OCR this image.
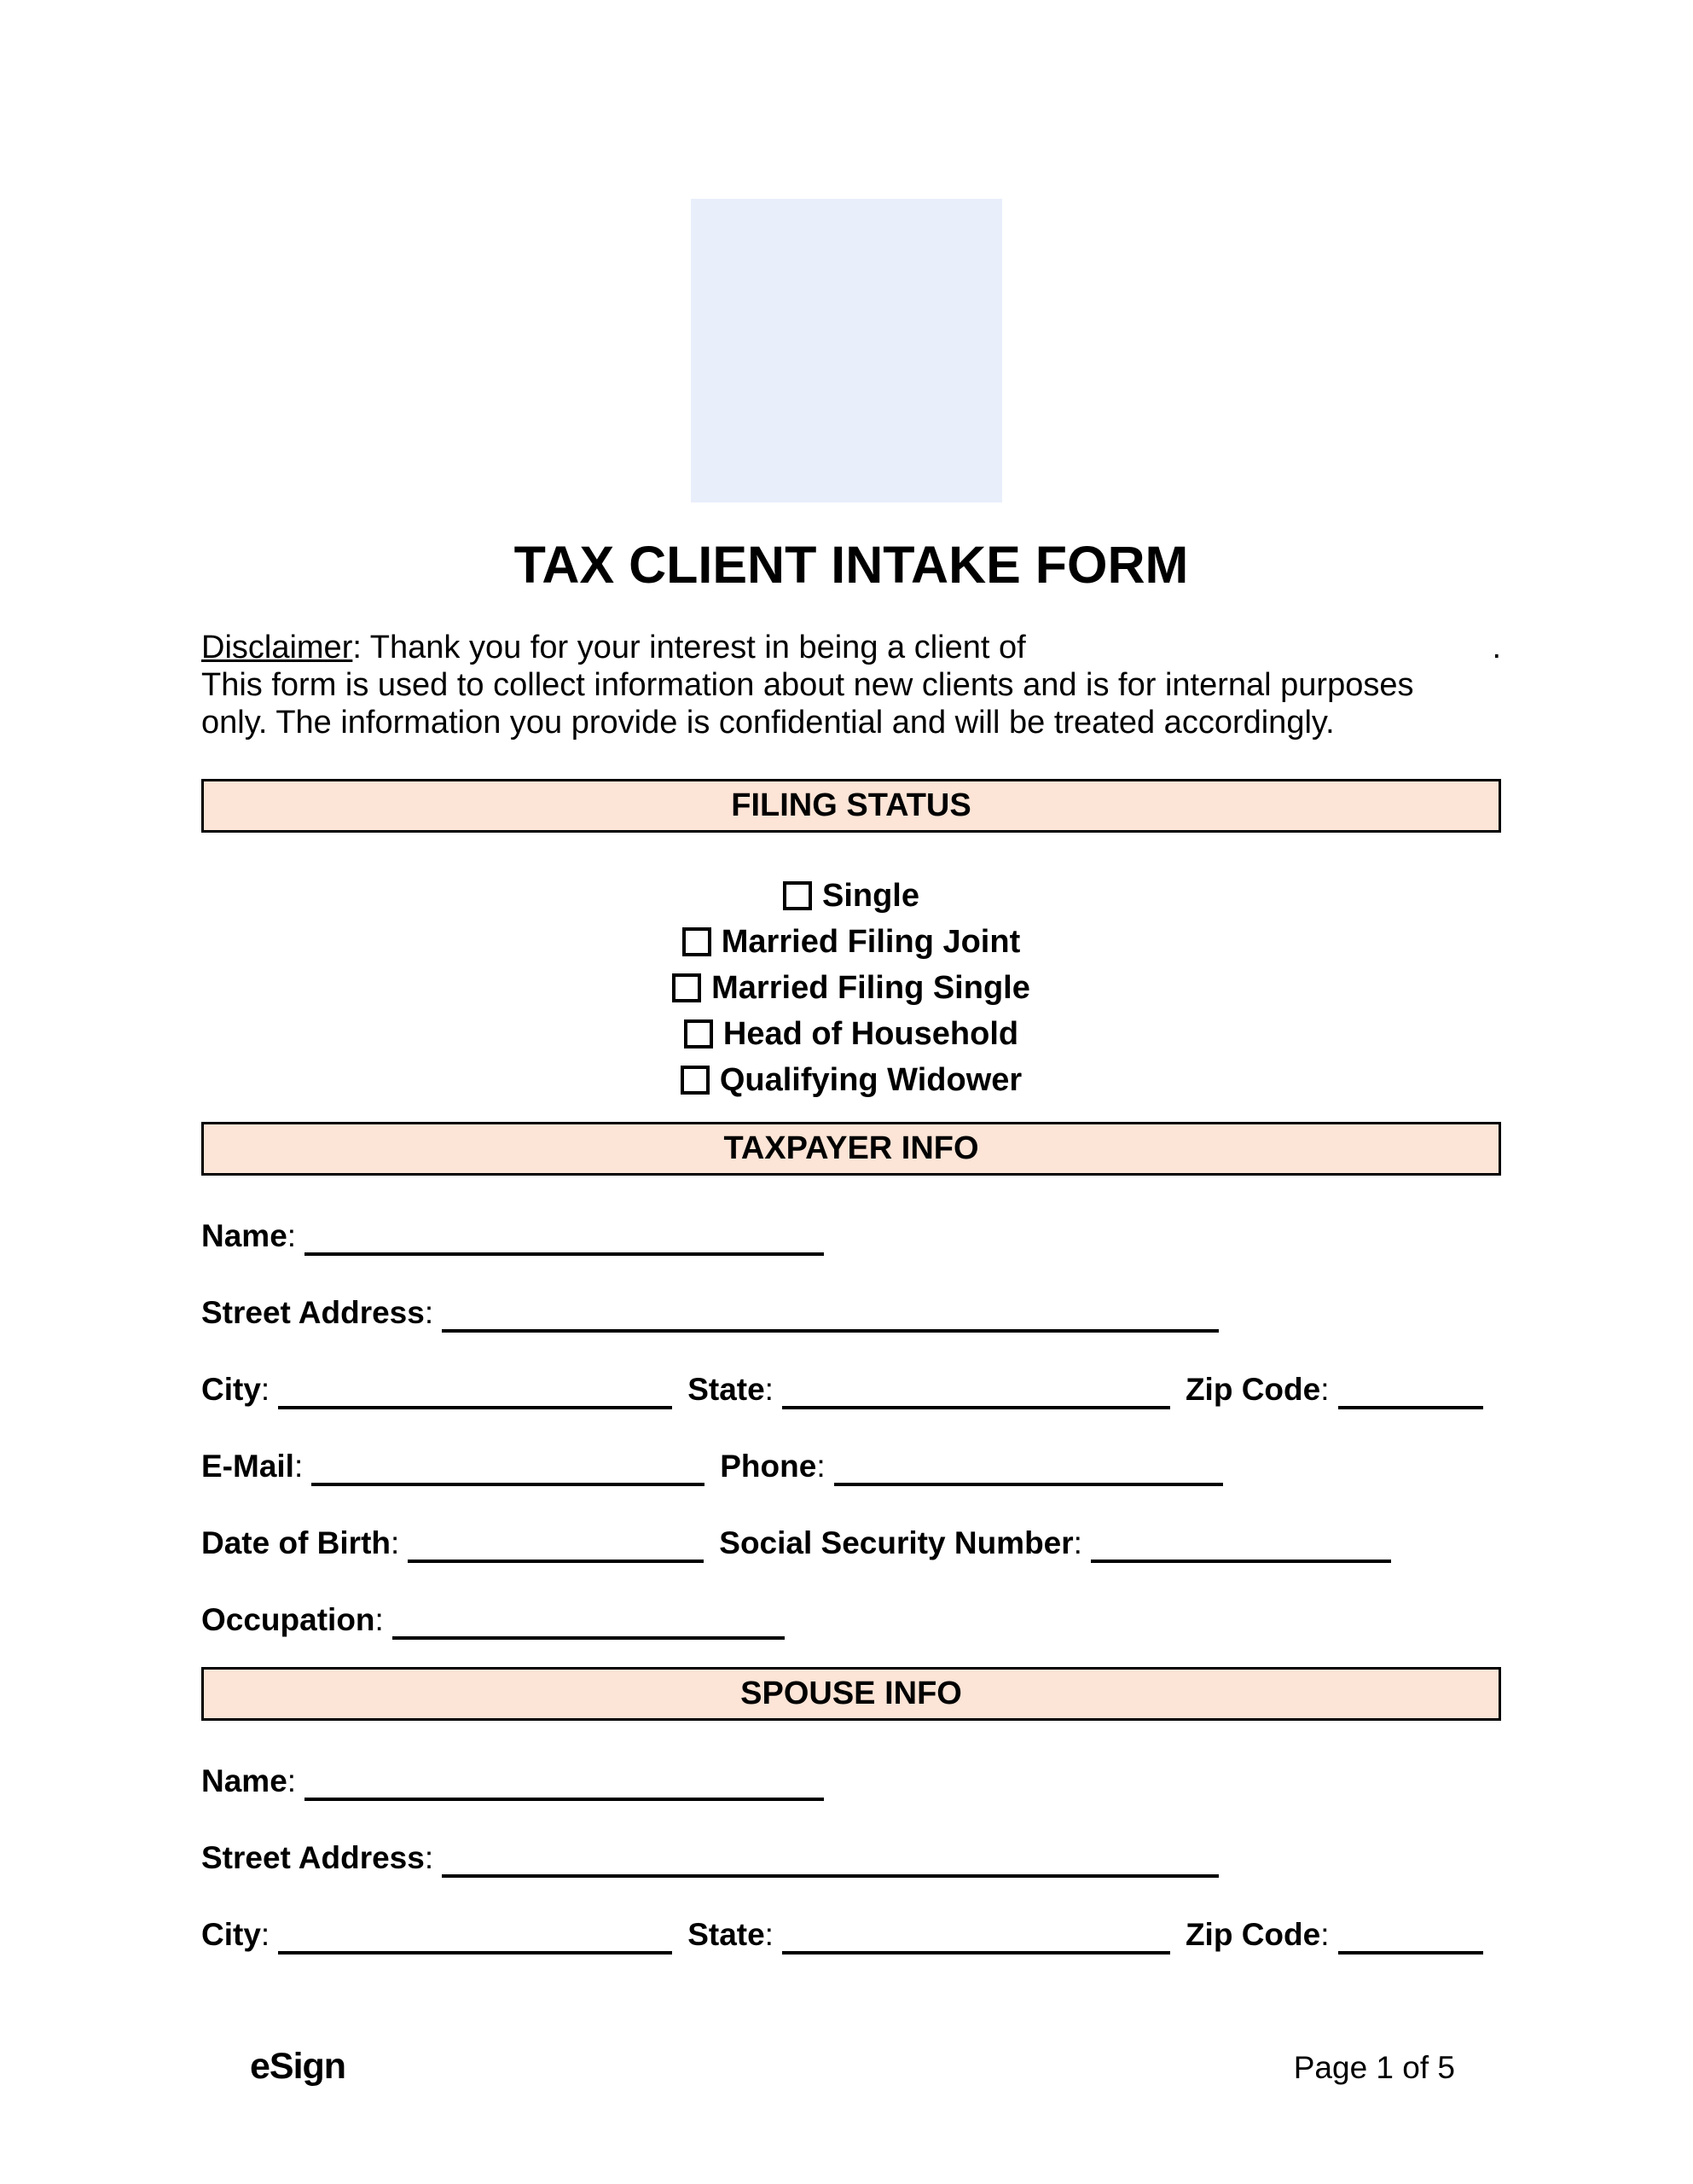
TAX CLIENT INTAKE FORM
Disclaimer: Thank you for your interest in being a client of	.
This form is used to collect information about new clients and is for internal purposes
only. The information you provide is confidential and will be treated accordingly.
FILING STATUS
Single
Married Filing Joint
Married Filing Single
Head of Household
Qualifying Widower
TAXPAYER INFO
Name:
Street Address:
City:	State:	Zip Code:
E-Mail:	Phone:
Date of Birth:	Social Security Number:
Occupation:
SPOUSE INFO
Name:
Street Address:
City:	State:	Zip Code:
eSign	Page 1 of 5
